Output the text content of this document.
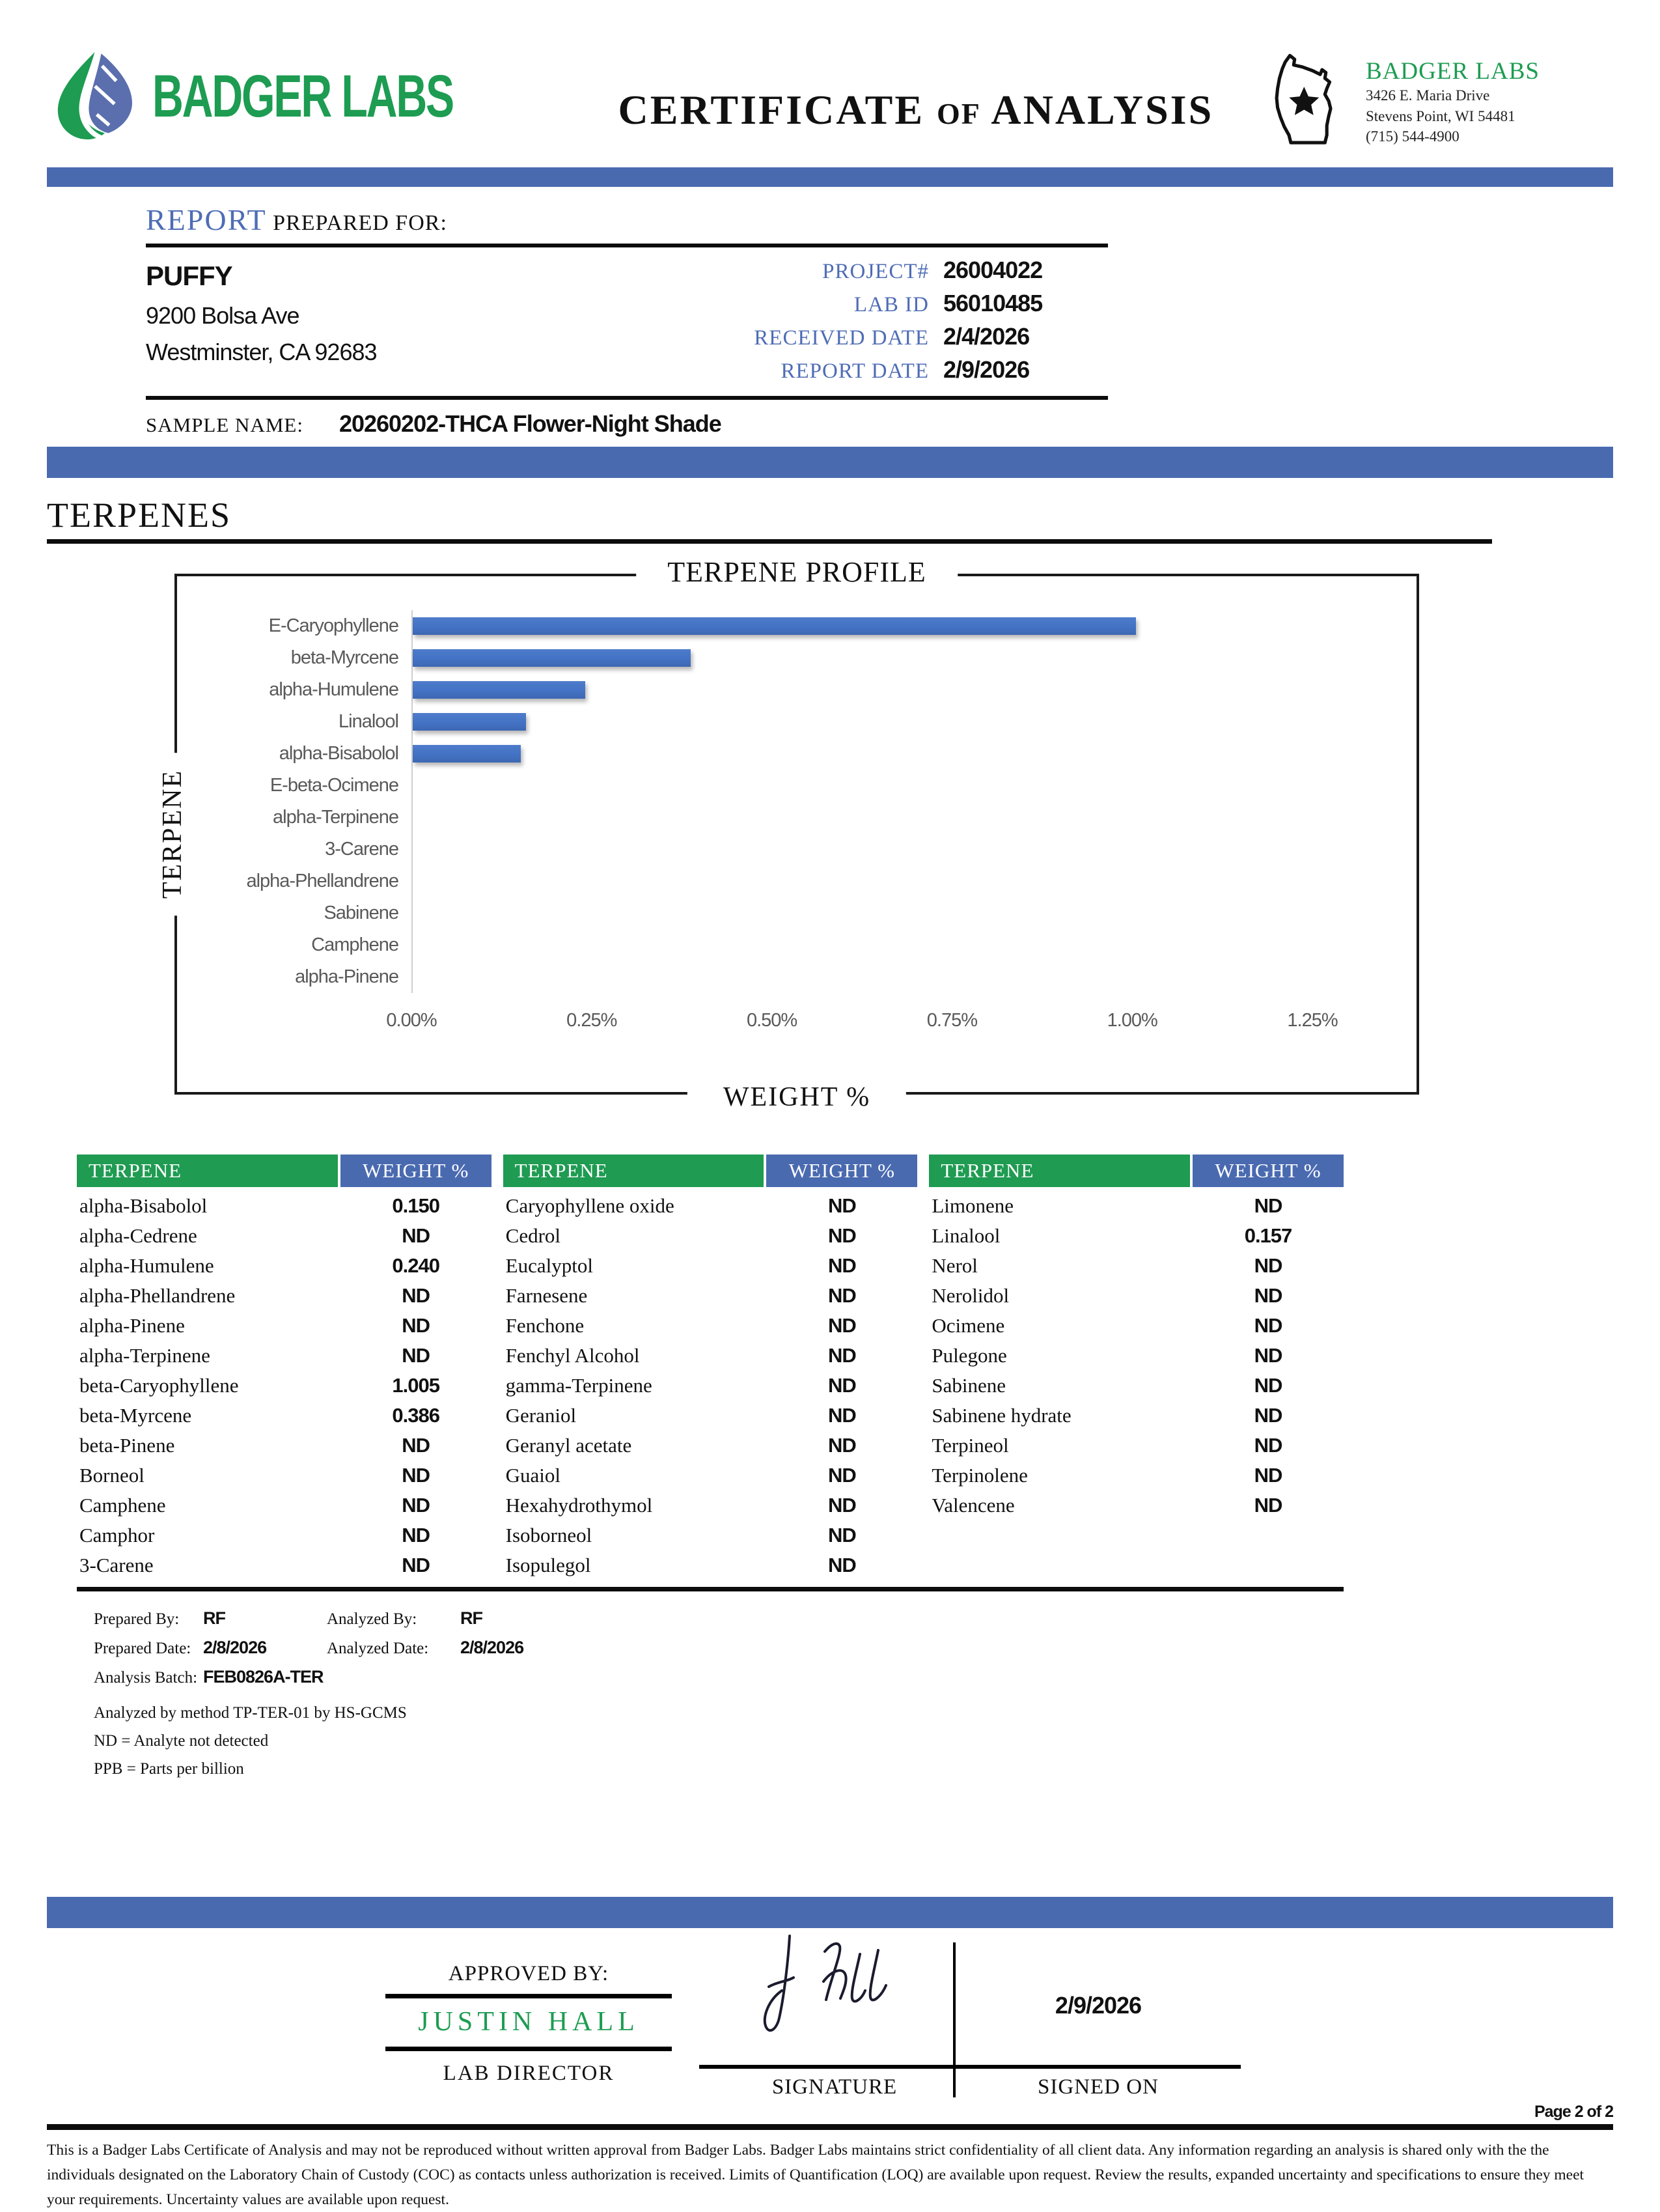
BADGER LABS	CERTIFICATE OF ANALYSIS
BADGER LABS
3426 E. Maria Drive
Stevens Point, WI 54481
(715) 544-4900
REPORT PREPARED FOR:
PUFFY
9200 Bolsa Ave
Westminster, CA 92683
PROJECT# 26004022
LAB ID 56010485
RECEIVED DATE 2/4/2026
REPORT DATE 2/9/2026
SAMPLE NAME: 20260202-THCA Flower-Night Shade
TERPENES
TERPENE PROFILE
TERPENE
WEIGHT %
E-Caryophyllene
beta-Myrcene
alpha-Humulene
Linalool
alpha-Bisabolol
E-beta-Ocimene
alpha-Terpinene
3-Carene
alpha-Phellandrene
Sabinene
Camphene
alpha-Pinene
0.00%	0.25%	0.50%	0.75%	1.00%	1.25%
TERPENE	WEIGHT %
alpha-Bisabolol	0.150
alpha-Cedrene	ND
alpha-Humulene	0.240
alpha-Phellandrene	ND
alpha-Pinene	ND
alpha-Terpinene	ND
beta-Caryophyllene	1.005
beta-Myrcene	0.386
beta-Pinene	ND
Borneol	ND
Camphene	ND
Camphor	ND
3-Carene	ND
TERPENE	WEIGHT %
Caryophyllene oxide	ND
Cedrol	ND
Eucalyptol	ND
Farnesene	ND
Fenchone	ND
Fenchyl Alcohol	ND
gamma-Terpinene	ND
Geraniol	ND
Geranyl acetate	ND
Guaiol	ND
Hexahydrothymol	ND
Isoborneol	ND
Isopulegol	ND
TERPENE	WEIGHT %
Limonene	ND
Linalool	0.157
Nerol	ND
Nerolidol	ND
Ocimene	ND
Pulegone	ND
Sabinene	ND
Sabinene hydrate	ND
Terpineol	ND
Terpinolene	ND
Valencene	ND
Prepared By:	RF	Analyzed By:	RF
Prepared Date: 2/8/2026	Analyzed Date:	2/8/2026
Analysis Batch: FEB0826A-TER
Analyzed by method TP-TER-01 by HS-GCMS
ND = Analyte not detected
PPB = Parts per billion
APPROVED BY:
JUSTIN HALL
LAB DIRECTOR
2/9/2026
SIGNATURE	SIGNED ON
Page 2 of 2
This is a Badger Labs Certificate of Analysis and may not be reproduced without written approval from Badger Labs. Badger Labs maintains strict confidentiality of all client data. Any information regarding an analysis is shared only with the the individuals designated on the Laboratory Chain of Custody (COC) as contacts unless authorization is received. Limits of Quantification (LOQ) are available upon request. Review the results, expanded uncertainty and specifications to ensure they meet your requirements. Uncertainty values are available upon request.
